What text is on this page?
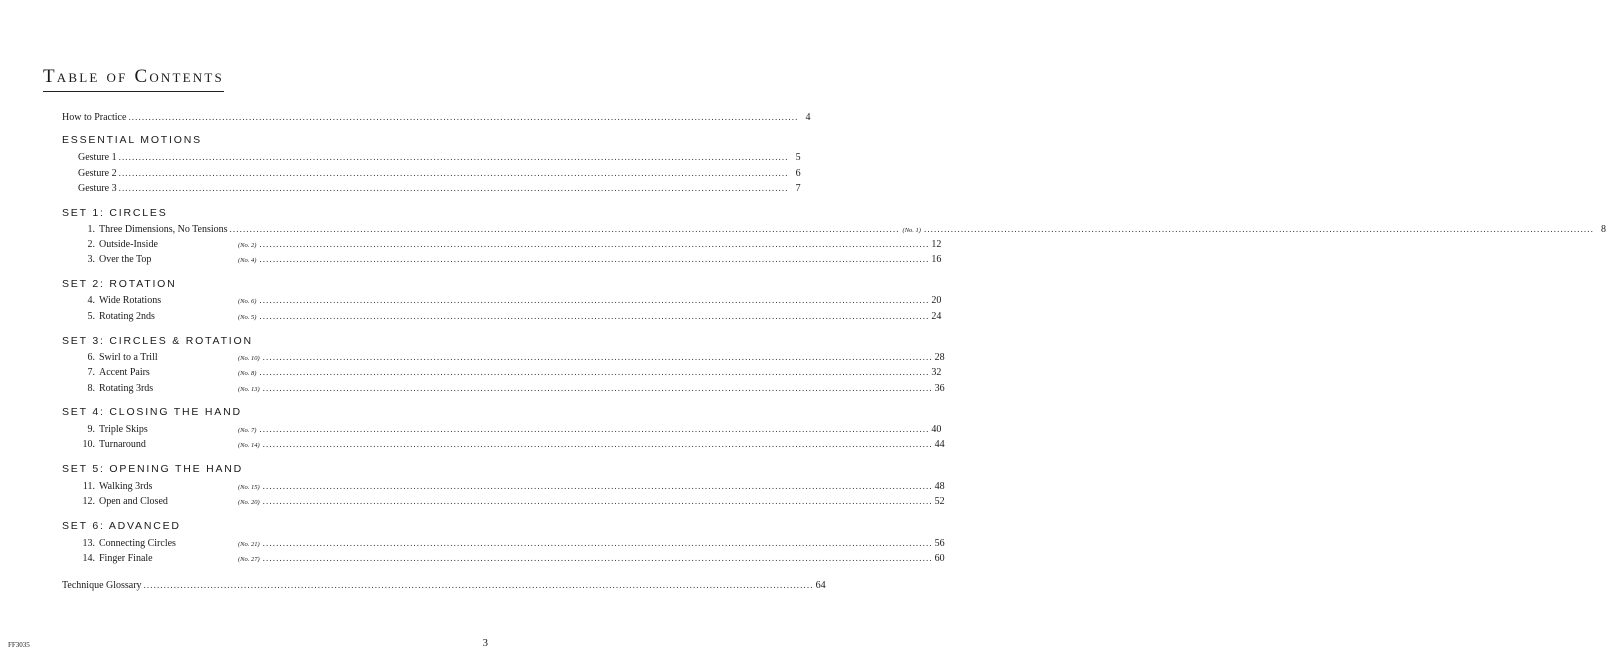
Table of Contents
How to Practice ........................................................................................................................................................................................................ 4
ESSENTIAL MOTIONS
Gesture 1 ........................................................................................................................................................................................................ 5
Gesture 2 ........................................................................................................................................................................................................ 6
Gesture 3 ........................................................................................................................................................................................................ 7
SET 1: CIRCLES
1. Three Dimensions, No Tensions ........................................................................................................................................................................................................ (No. 1) ........................................................................................................................................................................................................ 8
2. Outside-Inside	(No. 2) ........................................................................................................................................................................................................ 12
3. Over the Top	(No. 4) ........................................................................................................................................................................................................ 16
SET 2: ROTATION
4. Wide Rotations	(No. 6) ........................................................................................................................................................................................................ 20
5. Rotating 2nds	(No. 5) ........................................................................................................................................................................................................ 24
SET 3: CIRCLES & ROTATION
6. Swirl to a Trill	(No. 10) ........................................................................................................................................................................................................ 28
7. Accent Pairs	(No. 8) ........................................................................................................................................................................................................ 32
8. Rotating 3rds	(No. 13) ........................................................................................................................................................................................................ 36
SET 4: CLOSING THE HAND
9. Triple Skips	(No. 7) ........................................................................................................................................................................................................ 40
10. Turnaround	(No. 14) ........................................................................................................................................................................................................ 44
SET 5: OPENING THE HAND
11. Walking 3rds	(No. 15) ........................................................................................................................................................................................................ 48
12. Open and Closed	(No. 20) ........................................................................................................................................................................................................ 52
SET 6: ADVANCED
13. Connecting Circles	(No. 21) ........................................................................................................................................................................................................ 56
14. Finger Finale	(No. 27) ........................................................................................................................................................................................................ 60
Technique Glossary ........................................................................................................................................................................................................ 64
FF3035	3
